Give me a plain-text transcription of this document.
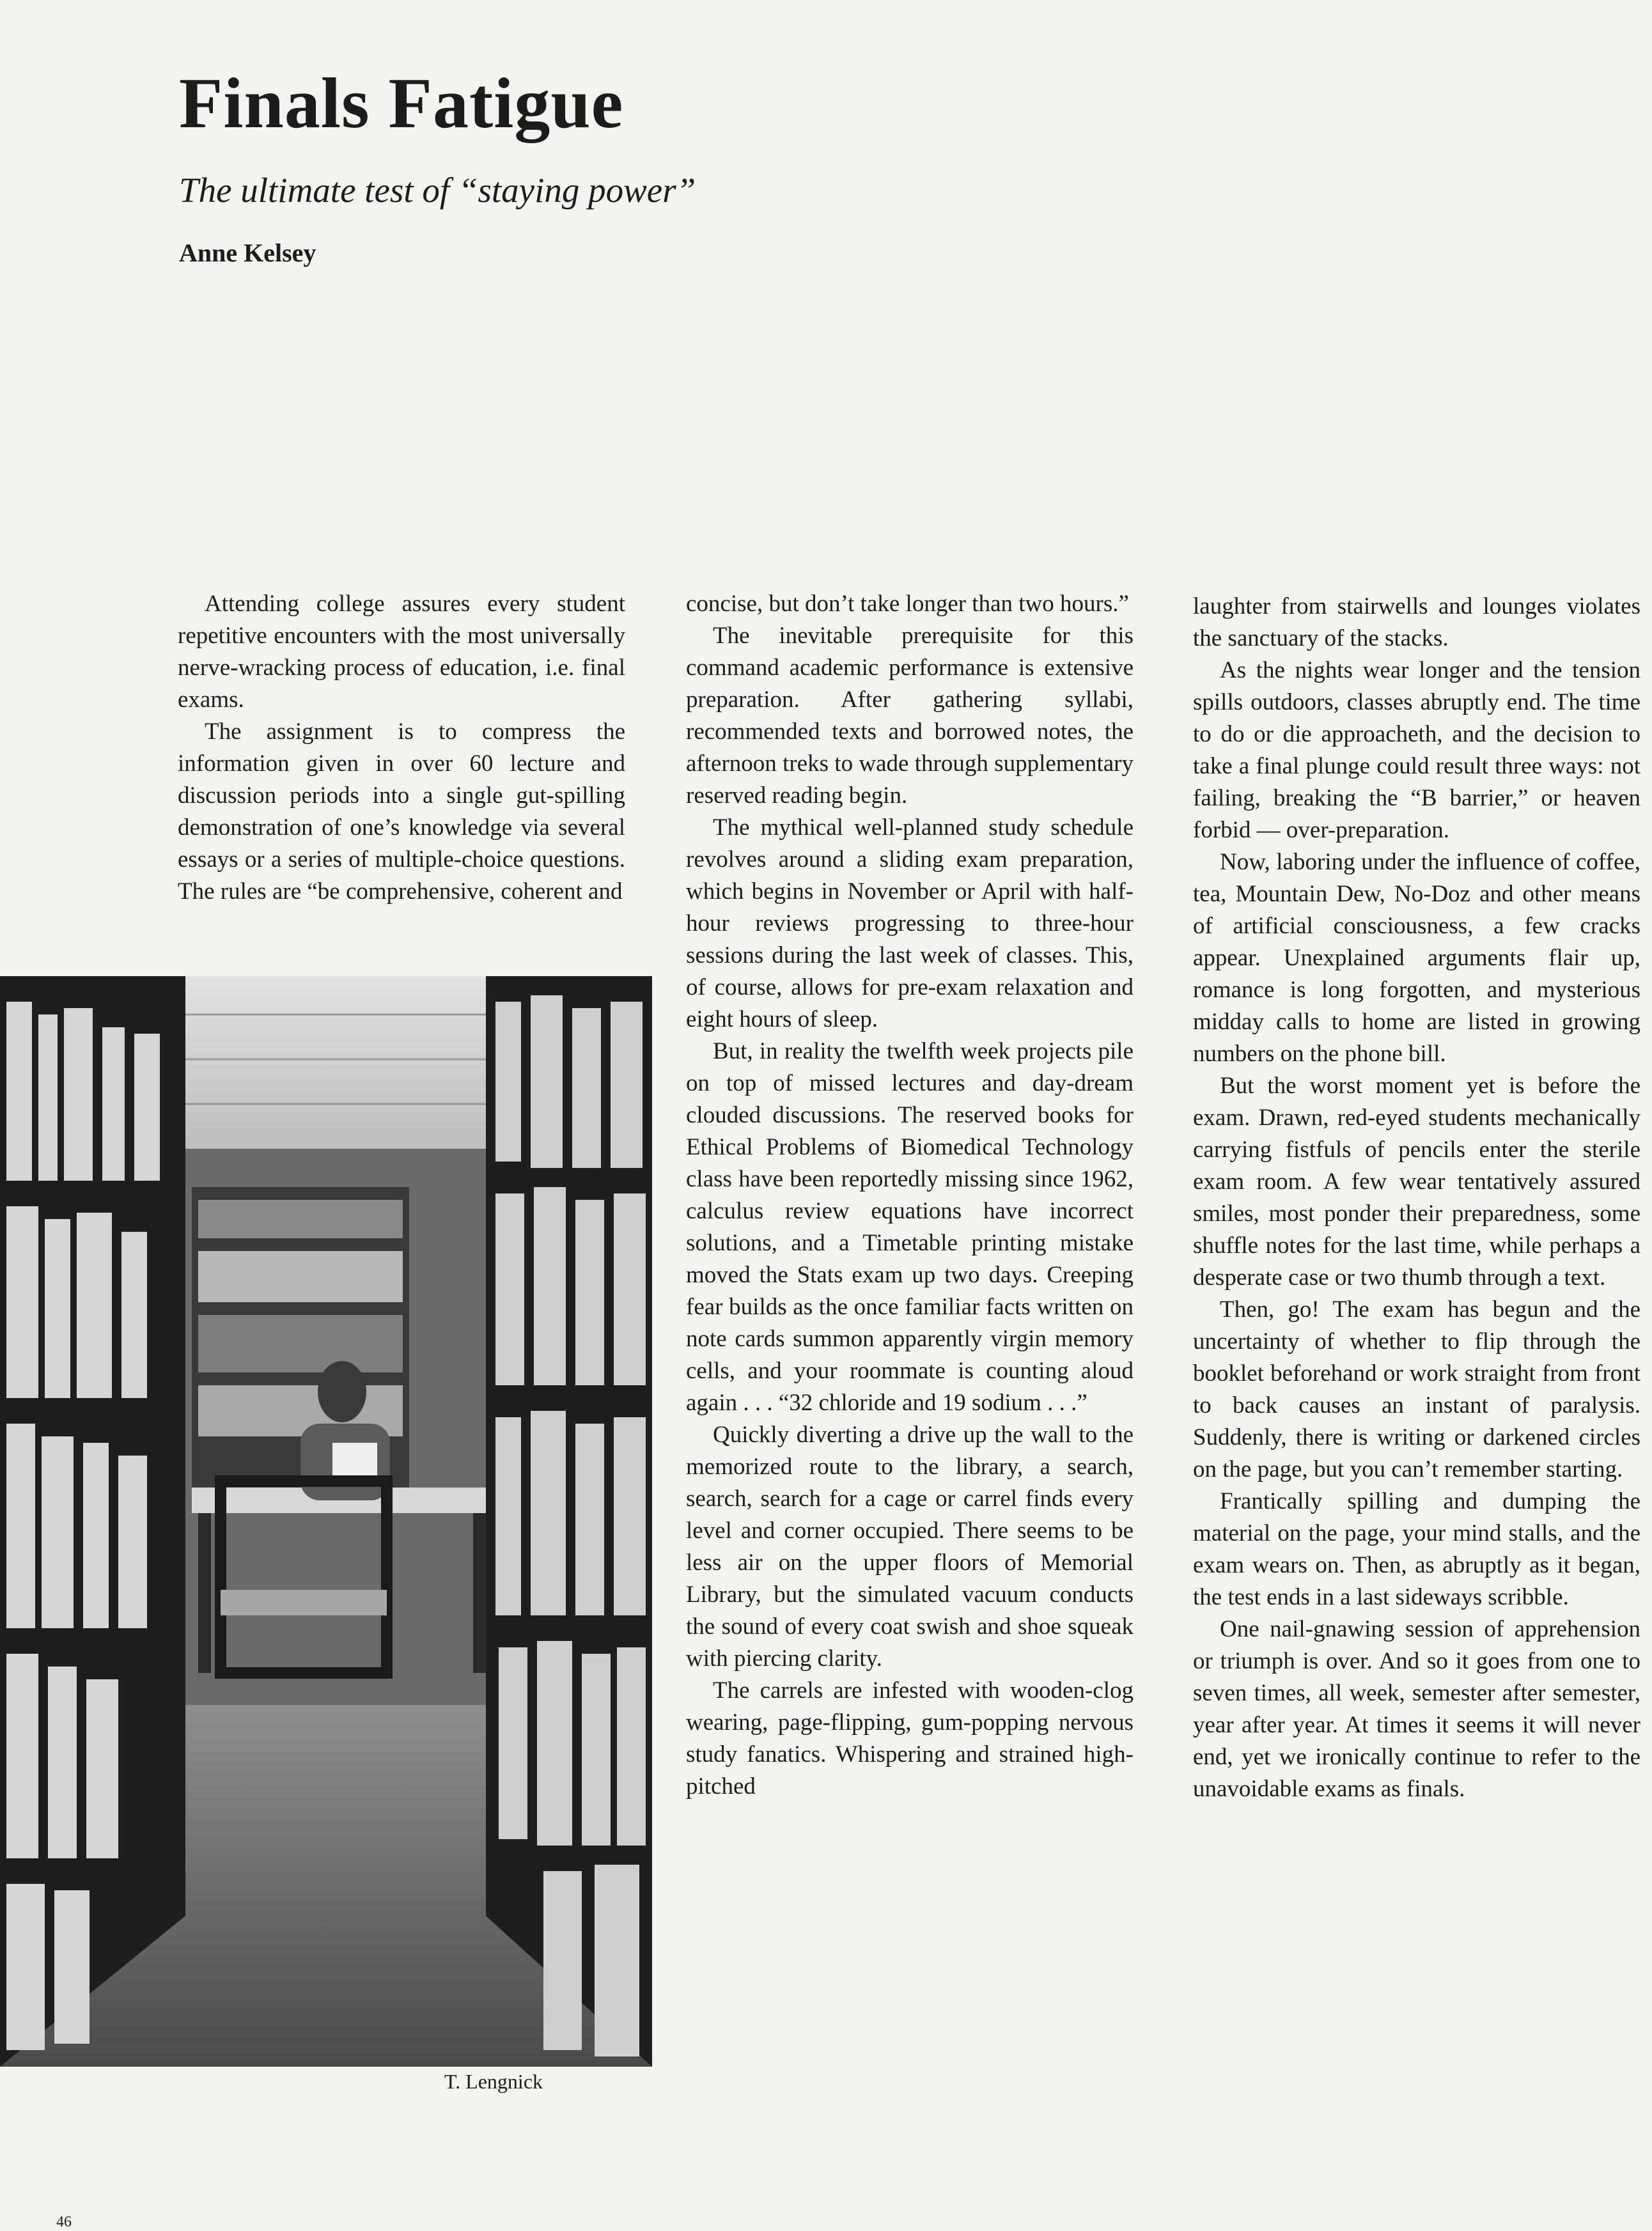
Finals Fatigue

The ultimate test of “staying power”

Anne Kelsey

Attending college assures every student repetitive encounters with the most universally nerve-wracking process of education, i.e. final exams.

The assignment is to compress the information given in over 60 lecture and discussion periods into a single gut-spilling demonstration of one’s knowledge via several essays or a series of multiple-choice questions. The rules are “be comprehensive, coherent and

concise, but don’t take longer than two hours.”

The inevitable prerequisite for this command academic performance is extensive preparation. After gathering syllabi, recommended texts and borrowed notes, the afternoon treks to wade through supplementary reserved reading begin.

The mythical well-planned study schedule revolves around a sliding exam preparation, which begins in November or April with half-hour reviews progressing to three-hour sessions during the last week of classes. This, of course, allows for pre-exam relaxation and eight hours of sleep.

But, in reality the twelfth week projects pile on top of missed lectures and day-dream clouded discussions. The reserved books for Ethical Problems of Biomedical Technology class have been reportedly missing since 1962, calculus review equations have incorrect solutions, and a Timetable printing mistake moved the Stats exam up two days. Creeping fear builds as the once familiar facts written on note cards summon apparently virgin memory cells, and your roommate is counting aloud again . . . “32 chloride and 19 sodium . . .”

Quickly diverting a drive up the wall to the memorized route to the library, a search, search, search for a cage or carrel finds every level and corner occupied. There seems to be less air on the upper floors of Memorial Library, but the simulated vacuum conducts the sound of every coat swish and shoe squeak with piercing clarity.

The carrels are infested with wooden-clog wearing, page-flipping, gum-popping nervous study fanatics. Whispering and strained high-pitched

laughter from stairwells and lounges violates the sanctuary of the stacks.

As the nights wear longer and the tension spills outdoors, classes abruptly end. The time to do or die approacheth, and the decision to take a final plunge could result three ways: not failing, breaking the “B barrier,” or heaven forbid — over-preparation.

Now, laboring under the influence of coffee, tea, Mountain Dew, No-Doz and other means of artificial consciousness, a few cracks appear. Unexplained arguments flair up, romance is long forgotten, and mysterious midday calls to home are listed in growing numbers on the phone bill.

But the worst moment yet is before the exam. Drawn, red-eyed students mechanically carrying fistfuls of pencils enter the sterile exam room. A few wear tentatively assured smiles, most ponder their preparedness, some shuffle notes for the last time, while perhaps a desperate case or two thumb through a text.

Then, go! The exam has begun and the uncertainty of whether to flip through the booklet beforehand or work straight from front to back causes an instant of paralysis. Suddenly, there is writing or darkened circles on the page, but you can’t remember starting.

Frantically spilling and dumping the material on the page, your mind stalls, and the exam wears on. Then, as abruptly as it began, the test ends in a last sideways scribble.

One nail-gnawing session of apprehension or triumph is over. And so it goes from one to seven times, all week, semester after semester, year after year. At times it seems it will never end, yet we ironically continue to refer to the unavoidable exams as finals.

T. Lengnick
46
